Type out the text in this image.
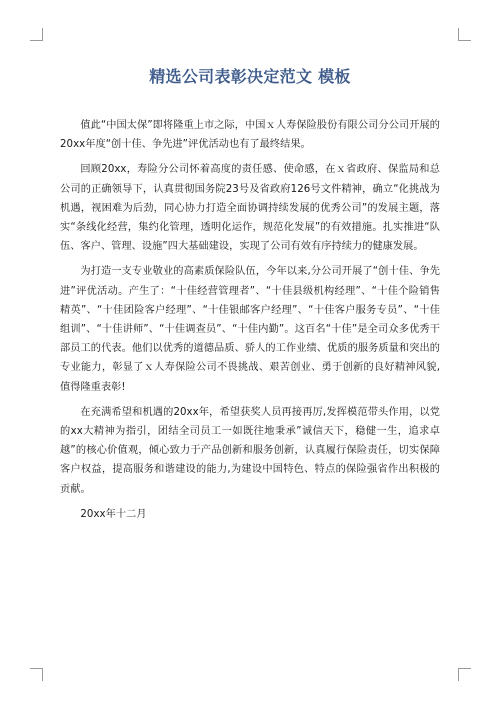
精选公司表彰决定范文 模板

值此“中国太保”即将隆重上市之际，中国ｘ人寿保险股份有限公司分公司开展的20xx年度“创十佳、争先进”评优活动也有了最终结果。

回顾20xx，寿险分公司怀着高度的责任感、使命感，在ｘ省政府、保监局和总公司的正确领导下，认真贯彻国务院23号及省政府126号文件精神，确立“化挑战为机遇，视困难为后劲，同心协力打造全面协调持续发展的优秀公司”的发展主题，落实“条线化经营，集约化管理，透明化运作，规范化发展”的有效措施。扎实推进“队伍、客户、管理、设施”四大基础建设，实现了公司有效有序持续力的健康发展。

为打造一支专业敬业的高素质保险队伍，今年以来,分公司开展了“创十佳、争先进”评优活动。产生了：“十佳经营管理者”、“十佳县级机构经理”、“十佳个险销售精英”、“十佳团险客户经理”、“十佳银邮客户经理”、“十佳客户服务专员”、“十佳组训”、“十佳讲师”、“十佳调查员”、“十佳内勤”。这百名“十佳”是全司众多优秀干部员工的代表。他们以优秀的道德品质、骄人的工作业绩、优质的服务质量和突出的专业能力，彰显了ｘ人寿保险公司不畏挑战、艰苦创业、勇于创新的良好精神风貌,值得隆重表彰!

在充满希望和机遇的20xx年，希望获奖人员再接再厉,发挥模范带头作用，以党的xx大精神为指引，团结全司员工一如既往地秉承”诚信天下，稳健一生，追求卓越”的核心价值观，倾心致力于产品创新和服务创新，认真履行保险责任，切实保障客户权益，提高服务和谐建设的能力,为建设中国特色、特点的保险强省作出积极的贡献。

20xx年十二月
